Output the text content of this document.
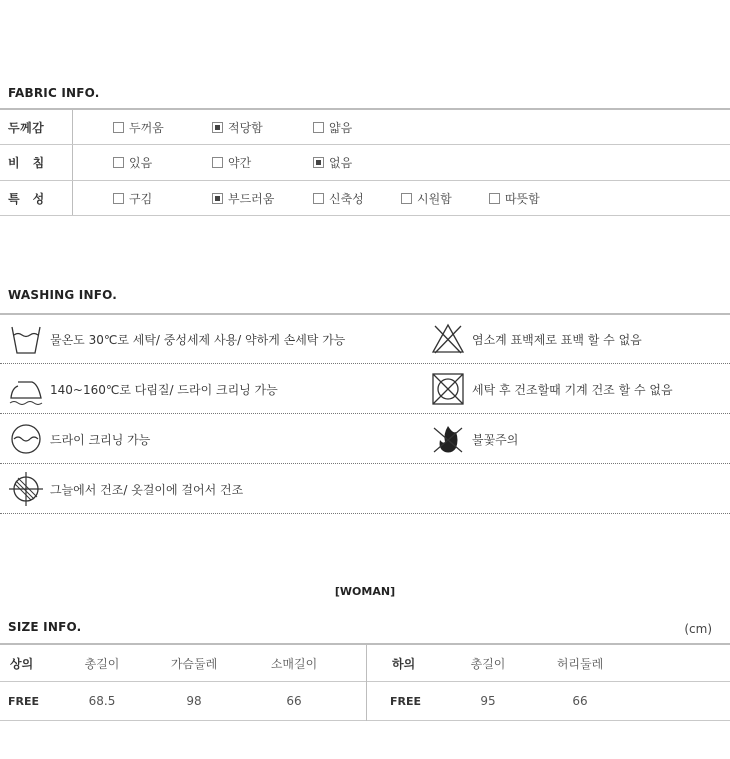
FABRIC INFO.
두께감	두꺼움	적당함	얇음
비침	있음	약간	없음
특성	구김	부드러움	신축성	시원함	따뜻함
WASHING INFO.
물온도 30℃로 세탁/ 중성세제 사용/ 약하게 손세탁 가능	염소계 표백제로 표백 할 수 없음
140~160℃로 다림질/ 드라이 크리닝 가능	세탁 후 건조할때 기계 건조 할 수 없음
드라이 크리닝 가능	불꽃주의
그늘에서 건조/ 옷걸이에 걸어서 건조
[WOMAN]
SIZE INFO.	(cm)
상의	총길이	가슴둘레	소매길이	하의	총길이	허리둘레
FREE	68.5	98	66	FREE	95	66
